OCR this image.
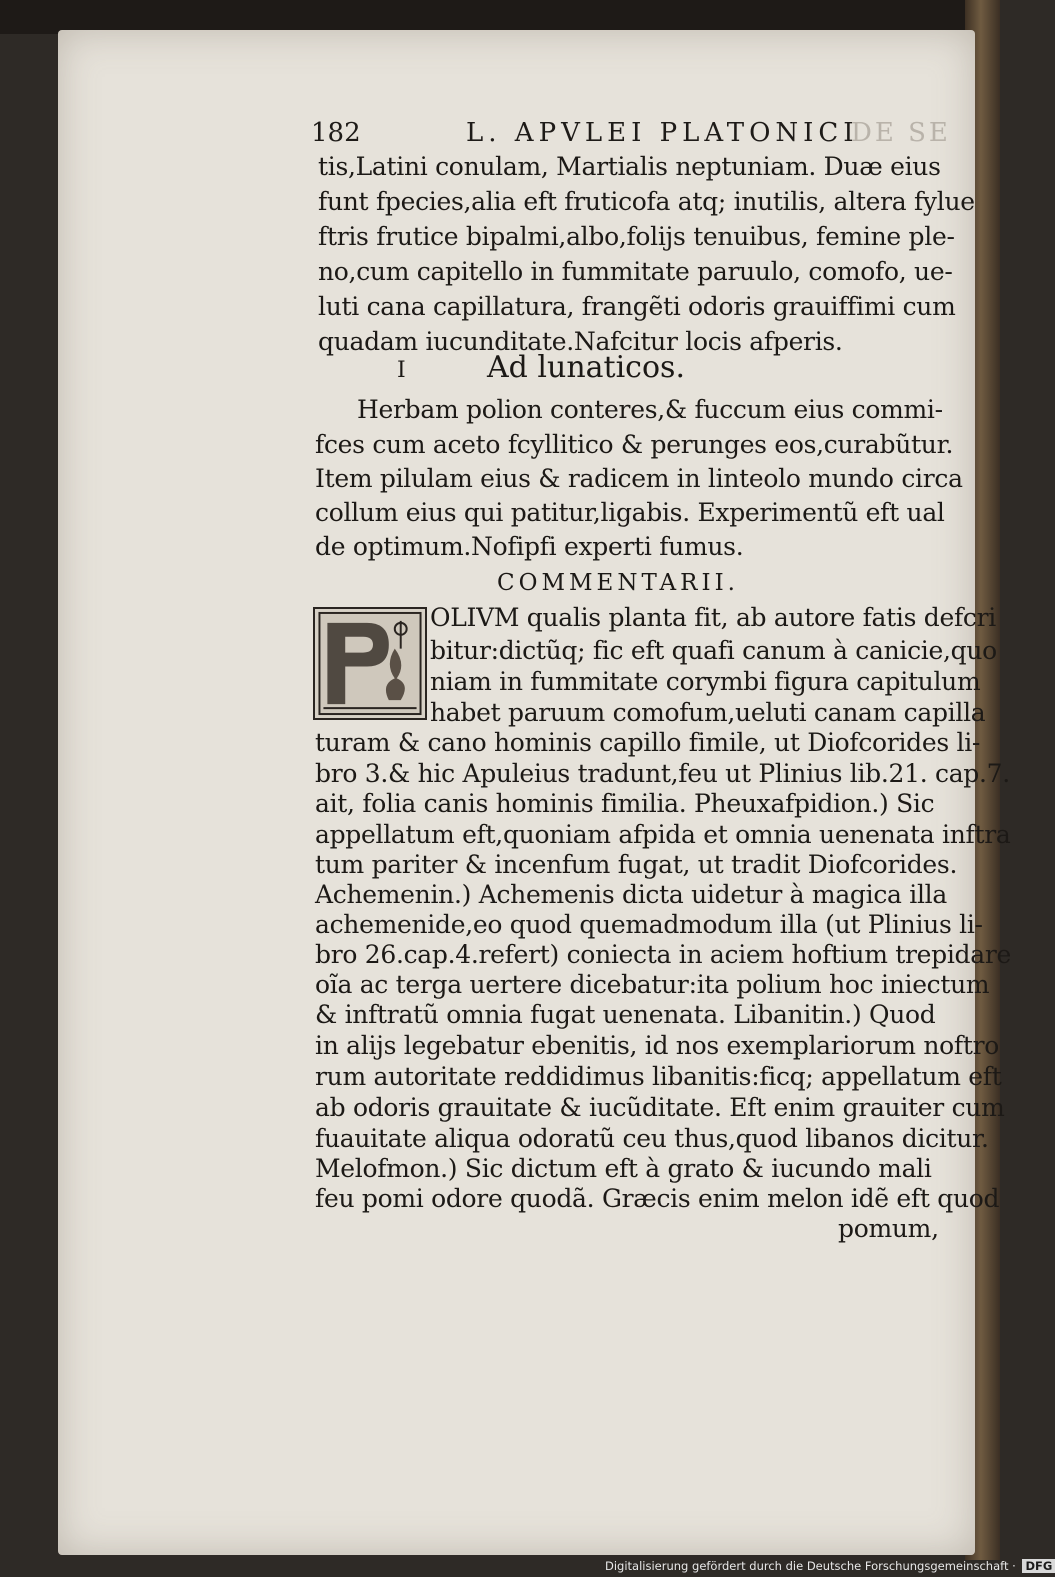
182	L. APVLEI PLATONICI
DE SE
tis,Latini conulam, Martialis neptuniam. Duæ eius
funt fpecies,alia eft fruticofa atq; inutilis, altera fylue
ftris frutice bipalmi,albo,folijs tenuibus, femine ple-
no,cum capitello in fummitate paruulo, comofo, ue-
luti cana capillatura, frangẽti odoris grauiffimi cum
quadam iucunditate.Nafcitur locis afperis.
I	Ad lunaticos.
Herbam polion conteres,& fuccum eius commi-
fces cum aceto fcyllitico & perunges eos,curabũtur.
Item pilulam eius & radicem in linteolo mundo circa
collum eius qui patitur,ligabis. Experimentũ eft ual
de optimum.Nofipfi experti fumus.
COMMENTARII.
OLIVM qualis planta fit, ab autore fatis defcri
bitur:dictũq; fic eft quafi canum à canicie,quo
niam in fummitate corymbi figura capitulum
habet paruum comofum,ueluti canam capilla
turam & cano hominis capillo fimile, ut Diofcorides li-
bro 3.& hic Apuleius tradunt,feu ut Plinius lib.21. cap.7.
ait, folia canis hominis fimilia. Pheuxafpidion.) Sic
appellatum eft,quoniam afpida et omnia uenenata inftra
tum pariter & incenfum fugat, ut tradit Diofcorides.
Achemenin.) Achemenis dicta uidetur à magica illa
achemenide,eo quod quemadmodum illa (ut Plinius li-
bro 26.cap.4.refert) coniecta in aciem hoftium trepidare
oĩa ac terga uertere dicebatur:ita polium hoc iniectum
& inftratũ omnia fugat uenenata. Libanitin.) Quod
in alijs legebatur ebenitis, id nos exemplariorum noftro
rum autoritate reddidimus libanitis:ficq; appellatum eft
ab odoris grauitate & iucũditate. Eft enim grauiter cum
fuauitate aliqua odoratũ ceu thus,quod libanos dicitur.
Melofmon.) Sic dictum eft à grato & iucundo mali
feu pomi odore quodã. Græcis enim melon idẽ eft quod
pomum,
Digitalisierung gefördert durch die Deutsche Forschungsgemeinschaft · DFG
